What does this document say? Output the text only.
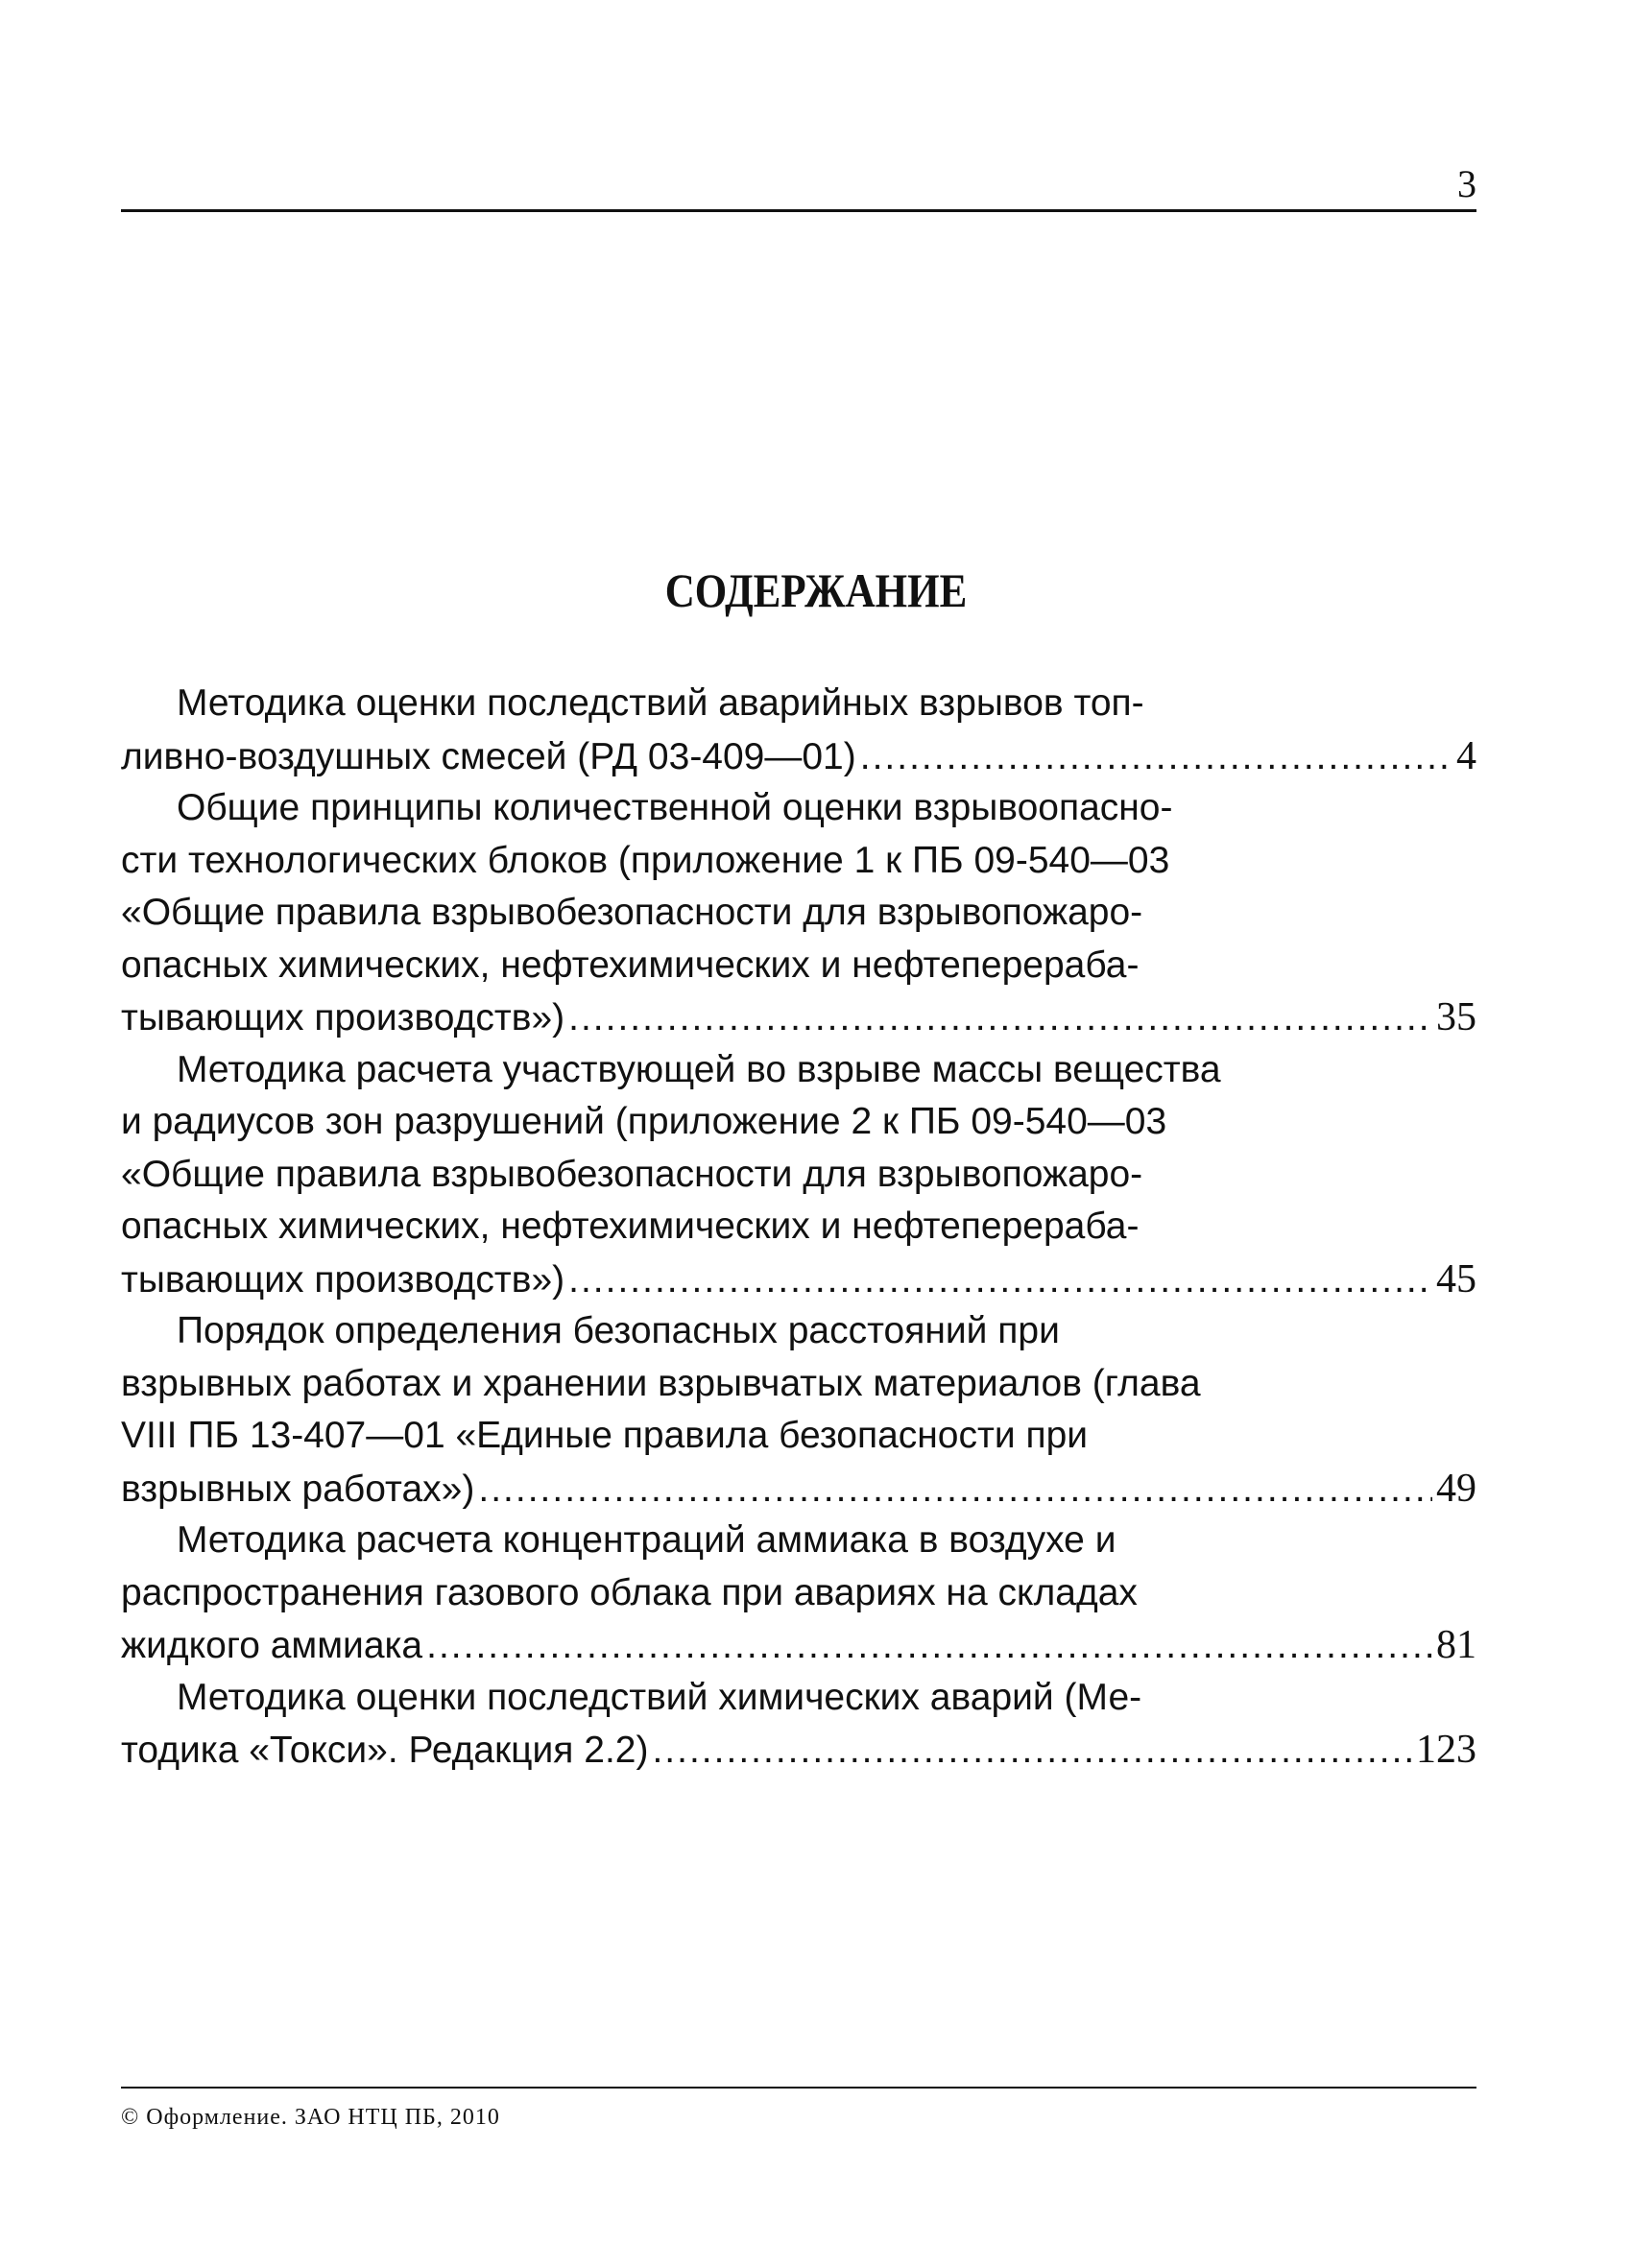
3
СОДЕРЖАНИЕ
Методика оценки последствий аварийных взрывов топ-
ливно-воздушных смесей (РД 03-409—01) .....	4
Общие принципы количественной оценки взрывоопасно-
сти технологических блоков (приложение 1 к ПБ 09-540—03
«Общие правила взрывобезопасности для взрывопожаро-
опасных химических, нефтехимических и нефтеперераба-
тывающих производств») .....	35
Методика расчета участвующей во взрыве массы вещества
и радиусов зон разрушений (приложение 2 к ПБ 09-540—03
«Общие правила взрывобезопасности для взрывопожаро-
опасных химических, нефтехимических и нефтеперераба-
тывающих производств») .....	45
Порядок определения безопасных расстояний при
взрывных работах и хранении взрывчатых материалов (глава
VIII ПБ 13-407—01 «Единые правила безопасности при
взрывных работах») .....	49
Методика расчета концентраций аммиака в воздухе и
распространения газового облака при авариях на складах
жидкого аммиака .....	81
Методика оценки последствий химических аварий (Ме-
тодика «Токси». Редакция 2.2) .....	123
© Оформление. ЗАО НТЦ ПБ, 2010
